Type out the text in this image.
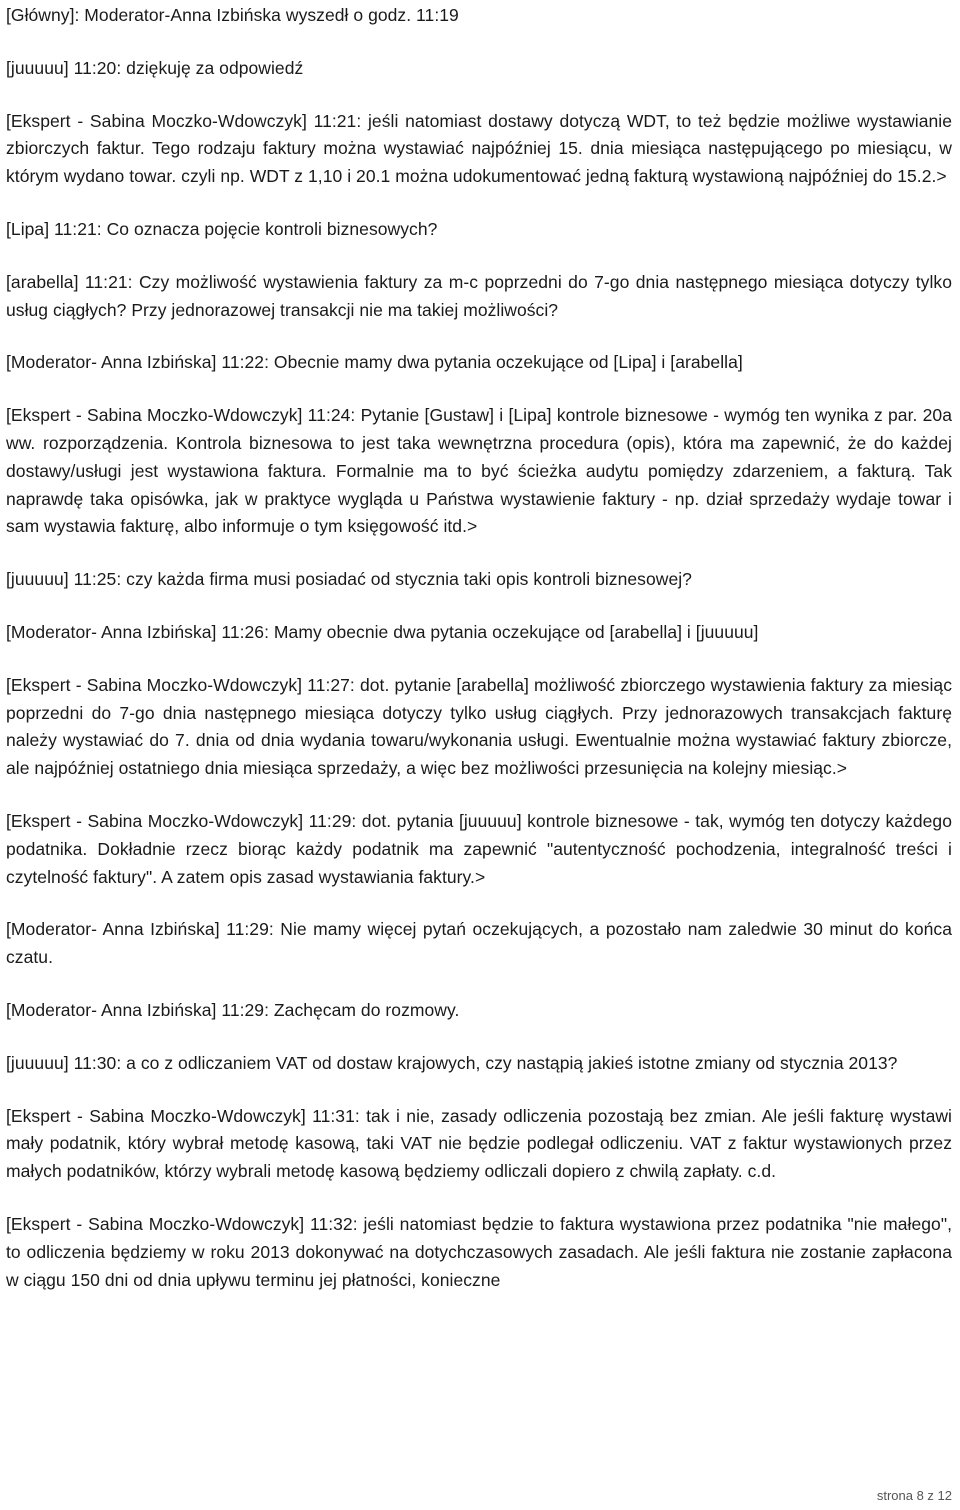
[Główny]: Moderator-Anna Izbińska wyszedł o godz. 11:19

[juuuuu] 11:20: dziękuję za odpowiedź

[Ekspert - Sabina Moczko-Wdowczyk] 11:21: jeśli natomiast dostawy dotyczą WDT, to też będzie możliwe wystawianie zbiorczych faktur. Tego rodzaju faktury można wystawiać najpóźniej 15. dnia miesiąca następującego po miesiącu, w którym wydano towar. czyli np. WDT z 1,10 i 20.1 można udokumentować jedną fakturą wystawioną najpóźniej do 15.2.>

[Lipa] 11:21: Co oznacza pojęcie kontroli biznesowych?

[arabella] 11:21: Czy możliwość wystawienia faktury za m-c poprzedni do 7-go dnia następnego miesiąca dotyczy tylko usług ciągłych? Przy jednorazowej transakcji nie ma takiej możliwości?

[Moderator- Anna Izbińska] 11:22: Obecnie mamy dwa pytania oczekujące od [Lipa] i [arabella]

[Ekspert - Sabina Moczko-Wdowczyk] 11:24: Pytanie [Gustaw] i [Lipa] kontrole biznesowe - wymóg ten wynika z par. 20a ww. rozporządzenia. Kontrola biznesowa to jest taka wewnętrzna procedura (opis), która ma zapewnić, że do każdej dostawy/usługi jest wystawiona faktura. Formalnie ma to być ścieżka audytu pomiędzy zdarzeniem, a fakturą. Tak naprawdę taka opisówka, jak w praktyce wygląda u Państwa wystawienie faktury - np. dział sprzedaży wydaje towar i sam wystawia fakturę, albo informuje o tym księgowość itd.>

[juuuuu] 11:25: czy każda firma musi posiadać od stycznia taki opis kontroli biznesowej?

[Moderator- Anna Izbińska] 11:26: Mamy obecnie dwa pytania oczekujące od [arabella] i [juuuuu]

[Ekspert - Sabina Moczko-Wdowczyk] 11:27: dot. pytanie [arabella] możliwość zbiorczego wystawienia faktury za miesiąc poprzedni do 7-go dnia następnego miesiąca dotyczy tylko usług ciągłych. Przy jednorazowych transakcjach fakturę należy wystawiać do 7. dnia od dnia wydania towaru/wykonania usługi. Ewentualnie można wystawiać faktury zbiorcze, ale najpóźniej ostatniego dnia miesiąca sprzedaży, a więc bez możliwości przesunięcia na kolejny miesiąc.>

[Ekspert - Sabina Moczko-Wdowczyk] 11:29: dot. pytania [juuuuu] kontrole biznesowe - tak, wymóg ten dotyczy każdego podatnika. Dokładnie rzecz biorąc każdy podatnik ma zapewnić "autentyczność pochodzenia, integralność treści i czytelność faktury". A zatem opis zasad wystawiania faktury.>

[Moderator- Anna Izbińska] 11:29: Nie mamy więcej pytań oczekujących, a pozostało nam zaledwie 30 minut do końca czatu.

[Moderator- Anna Izbińska] 11:29: Zachęcam do rozmowy.

[juuuuu] 11:30: a co z odliczaniem VAT od dostaw krajowych, czy nastąpią jakieś istotne zmiany od stycznia 2013?

[Ekspert - Sabina Moczko-Wdowczyk] 11:31: tak i nie, zasady odliczenia pozostają bez zmian. Ale jeśli fakturę wystawi mały podatnik, który wybrał metodę kasową, taki VAT nie będzie podlegał odliczeniu. VAT z faktur wystawionych przez małych podatników, którzy wybrali metodę kasową będziemy odliczali dopiero z chwilą zapłaty. c.d.

[Ekspert - Sabina Moczko-Wdowczyk] 11:32: jeśli natomiast będzie to faktura wystawiona przez podatnika "nie małego", to odliczenia będziemy w roku 2013 dokonywać na dotychczasowych zasadach. Ale jeśli faktura nie zostanie zapłacona w ciągu 150 dni od dnia upływu terminu jej płatności, konieczne

strona 8 z 12
